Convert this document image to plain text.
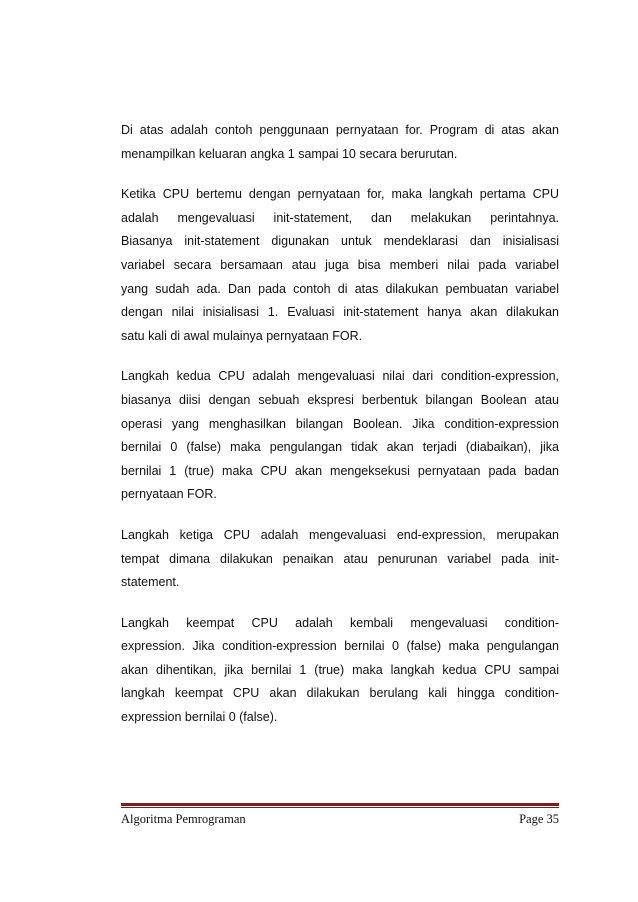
Di atas adalah contoh penggunaan pernyataan for. Program di atas akan
menampilkan keluaran angka 1 sampai 10 secara berurutan.
Ketika CPU bertemu dengan pernyataan for, maka langkah pertama CPU
adalah mengevaluasi init-statement, dan melakukan perintahnya.
Biasanya init-statement digunakan untuk mendeklarasi dan inisialisasi
variabel secara bersamaan atau juga bisa memberi nilai pada variabel
yang sudah ada. Dan pada contoh di atas dilakukan pembuatan variabel
dengan nilai inisialisasi 1. Evaluasi init-statement hanya akan dilakukan
satu kali di awal mulainya pernyataan FOR.
Langkah kedua CPU adalah mengevaluasi nilai dari condition-expression,
biasanya diisi dengan sebuah ekspresi berbentuk bilangan Boolean atau
operasi yang menghasilkan bilangan Boolean. Jika condition-expression
bernilai 0 (false) maka pengulangan tidak akan terjadi (diabaikan), jika
bernilai 1 (true) maka CPU akan mengeksekusi pernyataan pada badan
pernyataan FOR.
Langkah ketiga CPU adalah mengevaluasi end-expression, merupakan
tempat dimana dilakukan penaikan atau penurunan variabel pada init-
statement.
Langkah keempat CPU adalah kembali mengevaluasi condition-
expression. Jika condition-expression bernilai 0 (false) maka pengulangan
akan dihentikan, jika bernilai 1 (true) maka langkah kedua CPU sampai
langkah keempat CPU akan dilakukan berulang kali hingga condition-
expression bernilai 0 (false).
Algoritma Pemrograman	Page 35
